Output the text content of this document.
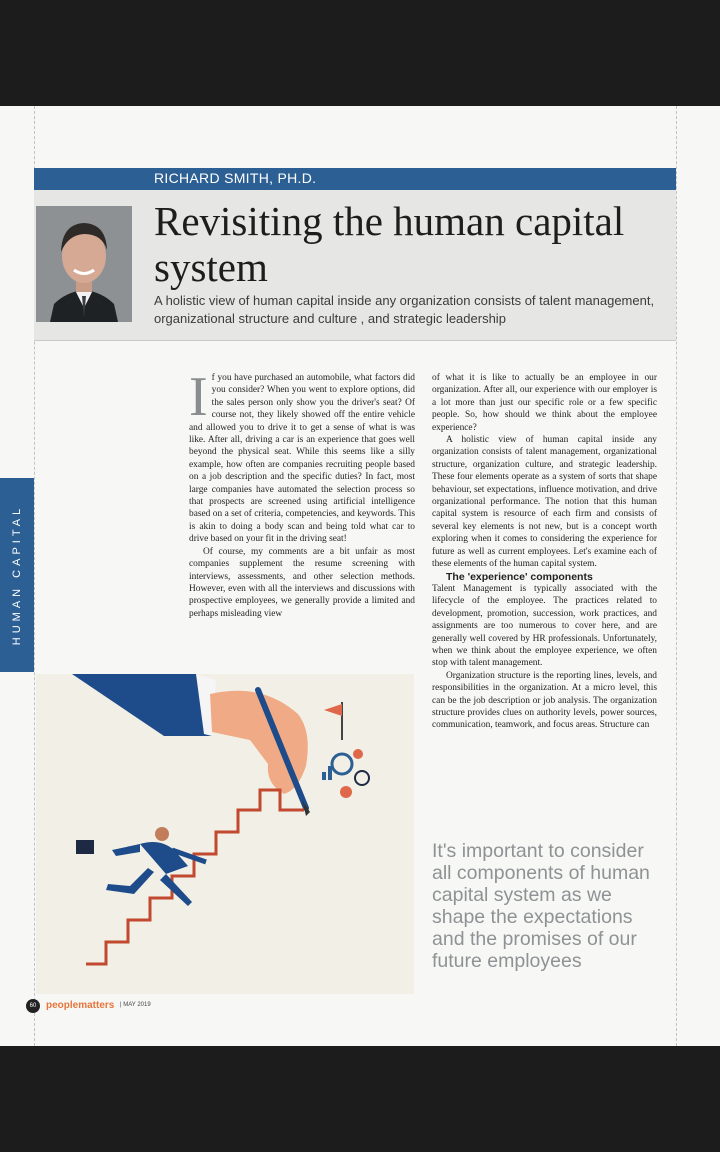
RICHARD SMITH, PH.D.
Revisiting the human capital system
A holistic view of human capital inside any organization consists of talent management, organizational structure and culture , and strategic leadership
HUMAN CAPITAL

If you have purchased an automobile, what factors did you consider? When you went to explore options, did the sales person only show you the driver's seat? Of course not, they likely showed off the entire vehicle and allowed you to drive it to get a sense of what is was like. After all, driving a car is an experience that goes well beyond the physical seat. While this seems like a silly example, how often are companies recruiting people based on a job description and the specific duties? In fact, most large companies have automated the selection process so that prospects are screened using artificial intelligence based on a set of criteria, competencies, and keywords. This is akin to doing a body scan and being told what car to drive based on your fit in the driving seat!

Of course, my comments are a bit unfair as most companies supplement the resume screening with interviews, assessments, and other selection methods. However, even with all the interviews and discussions with prospective employees, we generally provide a limited and perhaps misleading view

of what it is like to actually be an employee in our organization. After all, our experience with our employer is a lot more than just our specific role or a few specific people. So, how should we think about the employee experience?

A holistic view of human capital inside any organization consists of talent management, organizational structure, organization culture, and strategic leadership. These four elements operate as a system of sorts that shape behaviour, set expectations, influence motivation, and drive organizational performance. The notion that this human capital system is resource of each firm and consists of several key elements is not new, but is a concept worth exploring when it comes to considering the experience for future as well as current employees. Let's examine each of these elements of the human capital system.

The 'experience' components

Talent Management is typically associated with the lifecycle of the employee. The practices related to development, promotion, succession, work practices, and assignments are too numerous to cover here, and are generally well covered by HR professionals. Unfortunately, when we think about the employee experience, we often stop with talent management.

Organization structure is the reporting lines, levels, and responsibilities in the organization. At a micro level, this can be the job description or job analysis. The organization structure provides clues on authority levels, power sources, communication, teamwork, and focus areas. Structure can

It's important to consider all components of human capital system as we shape the expectations and the promises of our future employees
60 peoplematters | MAY 2019
